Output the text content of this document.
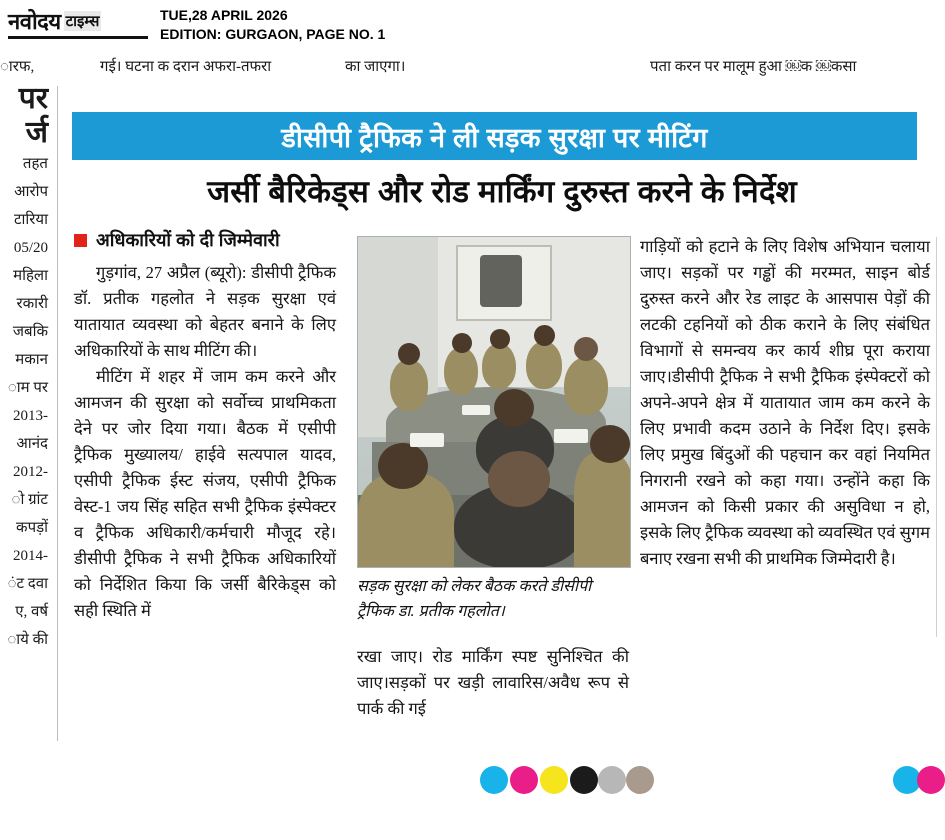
नवोदय टाइम्स	TUE,28 APRIL 2026
EDITION: GURGAON, PAGE NO. 1
ारफ,	गई। घटना क दरान अफरा-तफरा	का जाएगा।	पता करन पर मालूम हुआ ￼क ￼कसा
पर
र्ज
तहत
आरोप
टारिया
05/20
महिला
रकारी
जबकि
मकान
ाम पर
2013-
आनंद
2012-
ो ग्रांट
कपड़ों
2014-
ंट दवा
ए, वर्ष
ाये की
डीसीपी ट्रैफिक ने ली सड़क सुरक्षा पर मीटिंग
जर्सी बैरिकेड्स और रोड मार्किंग दुरुस्त करने के निर्देश
अधिकारियों को दी जिम्मेवारी

गुड़गांव, 27 अप्रैल (ब्यूरो): डीसीपी ट्रैफिक डॉ. प्रतीक गहलोत ने सड़क सुरक्षा एवं यातायात व्यवस्था को बेहतर बनाने के लिए अधिकारियों के साथ मीटिंग की।

मीटिंग में शहर में जाम कम करने और आमजन की सुरक्षा को सर्वोच्च प्राथमिकता देने पर जोर दिया गया। बैठक में एसीपी ट्रैफिक मुख्यालय/ हाईवे सत्यपाल यादव, एसीपी ट्रैफिक ईस्ट संजय, एसीपी ट्रैफिक वेस्ट-1 जय सिंह सहित सभी ट्रैफिक इंस्पेक्टर व ट्रैफिक अधिकारी/कर्मचारी मौजूद रहे। डीसीपी ट्रैफिक ने सभी ट्रैफिक अधिकारियों को निर्देशित किया कि जर्सी बैरिकेड्स को सही स्थिति में

सड़क सुरक्षा को लेकर बैठक करते डीसीपी ट्रैफिक डा. प्रतीक गहलोत।

रखा जाए। रोड मार्किंग स्पष्ट सुनिश्चित की जाए।सड़कों पर खड़ी लावारिस/अवैध रूप से पार्क की गई

गाड़ियों को हटाने के लिए विशेष अभियान चलाया जाए। सड़कों पर गड्ढों की मरम्मत, साइन बोर्ड दुरुस्त करने और रेड लाइट के आसपास पेड़ों की लटकी टहनियों को ठीक कराने के लिए संबंधित विभागों से समन्वय कर कार्य शीघ्र पूरा कराया जाए।डीसीपी ट्रैफिक ने सभी ट्रैफिक इंस्पेक्टरों को अपने-अपने क्षेत्र में यातायात जाम कम करने के लिए प्रभावी कदम उठाने के निर्देश दिए। इसके लिए प्रमुख बिंदुओं की पहचान कर वहां नियमित निगरानी रखने को कहा गया। उन्होंने कहा कि आमजन को किसी प्रकार की असुविधा न हो, इसके लिए ट्रैफिक व्यवस्था को व्यवस्थित एवं सुगम बनाए रखना सभी की प्राथमिक जिम्मेदारी है।
